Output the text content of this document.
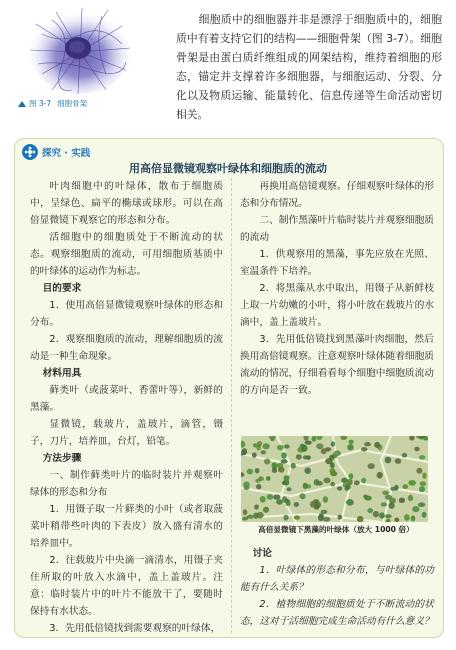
图 3-7 细胞骨架
细胞质中的细胞器并非是漂浮于细胞质中的，细胞质中有着支持它们的结构——细胞骨架（图 3-7）。细胞骨架是由蛋白质纤维组成的网架结构，维持着细胞的形态，锚定并支撑着许多细胞器，与细胞运动、分裂、分化以及物质运输、能量转化、信息传递等生命活动密切相关。
探究 · 实践
用高倍显微镜观察叶绿体和细胞质的流动

叶肉细胞中的叶绿体，散布于细胞质中，呈绿色、扁平的椭球或球形。可以在高倍显微镜下观察它的形态和分布。

活细胞中的细胞质处于不断流动的状态。观察细胞质的流动，可用细胞质基质中的叶绿体的运动作为标志。

目的要求

1．使用高倍显微镜观察叶绿体的形态和分布。

2．观察细胞质的流动，理解细胞质的流动是一种生命现象。

材料用具

藓类叶（或菠菜叶、香蕾叶等），新鲜的黑藻。

显微镜，载玻片，盖玻片，滴管，镊子，刀片，培养皿，台灯，铅笔。

方法步骤

一、制作藓类叶片的临时装片并观察叶绿体的形态和分布

1．用镊子取一片藓类的小叶（或者取菠菜叶稍带些叶肉的下表皮）放入盛有清水的培养皿中。

2．往载玻片中央滴一滴清水，用镊子夹住所取的叶放入水滴中，盖上盖玻片。注意：临时装片中的叶片不能放干了，要随时保持有水状态。

3．先用低倍镜找到需要观察的叶绿体，

再换用高倍镜观察。仔细观察叶绿体的形态和分布情况。

二、制作黑藻叶片临时装片并观察细胞质的流动

1．供观察用的黑藻，事先应放在光照、室温条件下培养。

2．将黑藻从水中取出，用镊子从新鲜枝上取一片幼嫩的小叶，将小叶放在载玻片的水滴中，盖上盖玻片。

3．先用低倍镜找到黑藻叶肉细胞，然后换用高倍镜观察。注意观察叶绿体随着细胞质流动的情况，仔细看看每个细胞中细胞质流动的方向是否一致。

高倍显微镜下黑藻的叶绿体（放大 1000 倍）

讨论

1．叶绿体的形态和分布，与叶绿体的功能有什么关系？

2．植物细胞的细胞质处于不断流动的状态，这对于活细胞完成生命活动有什么意义？
